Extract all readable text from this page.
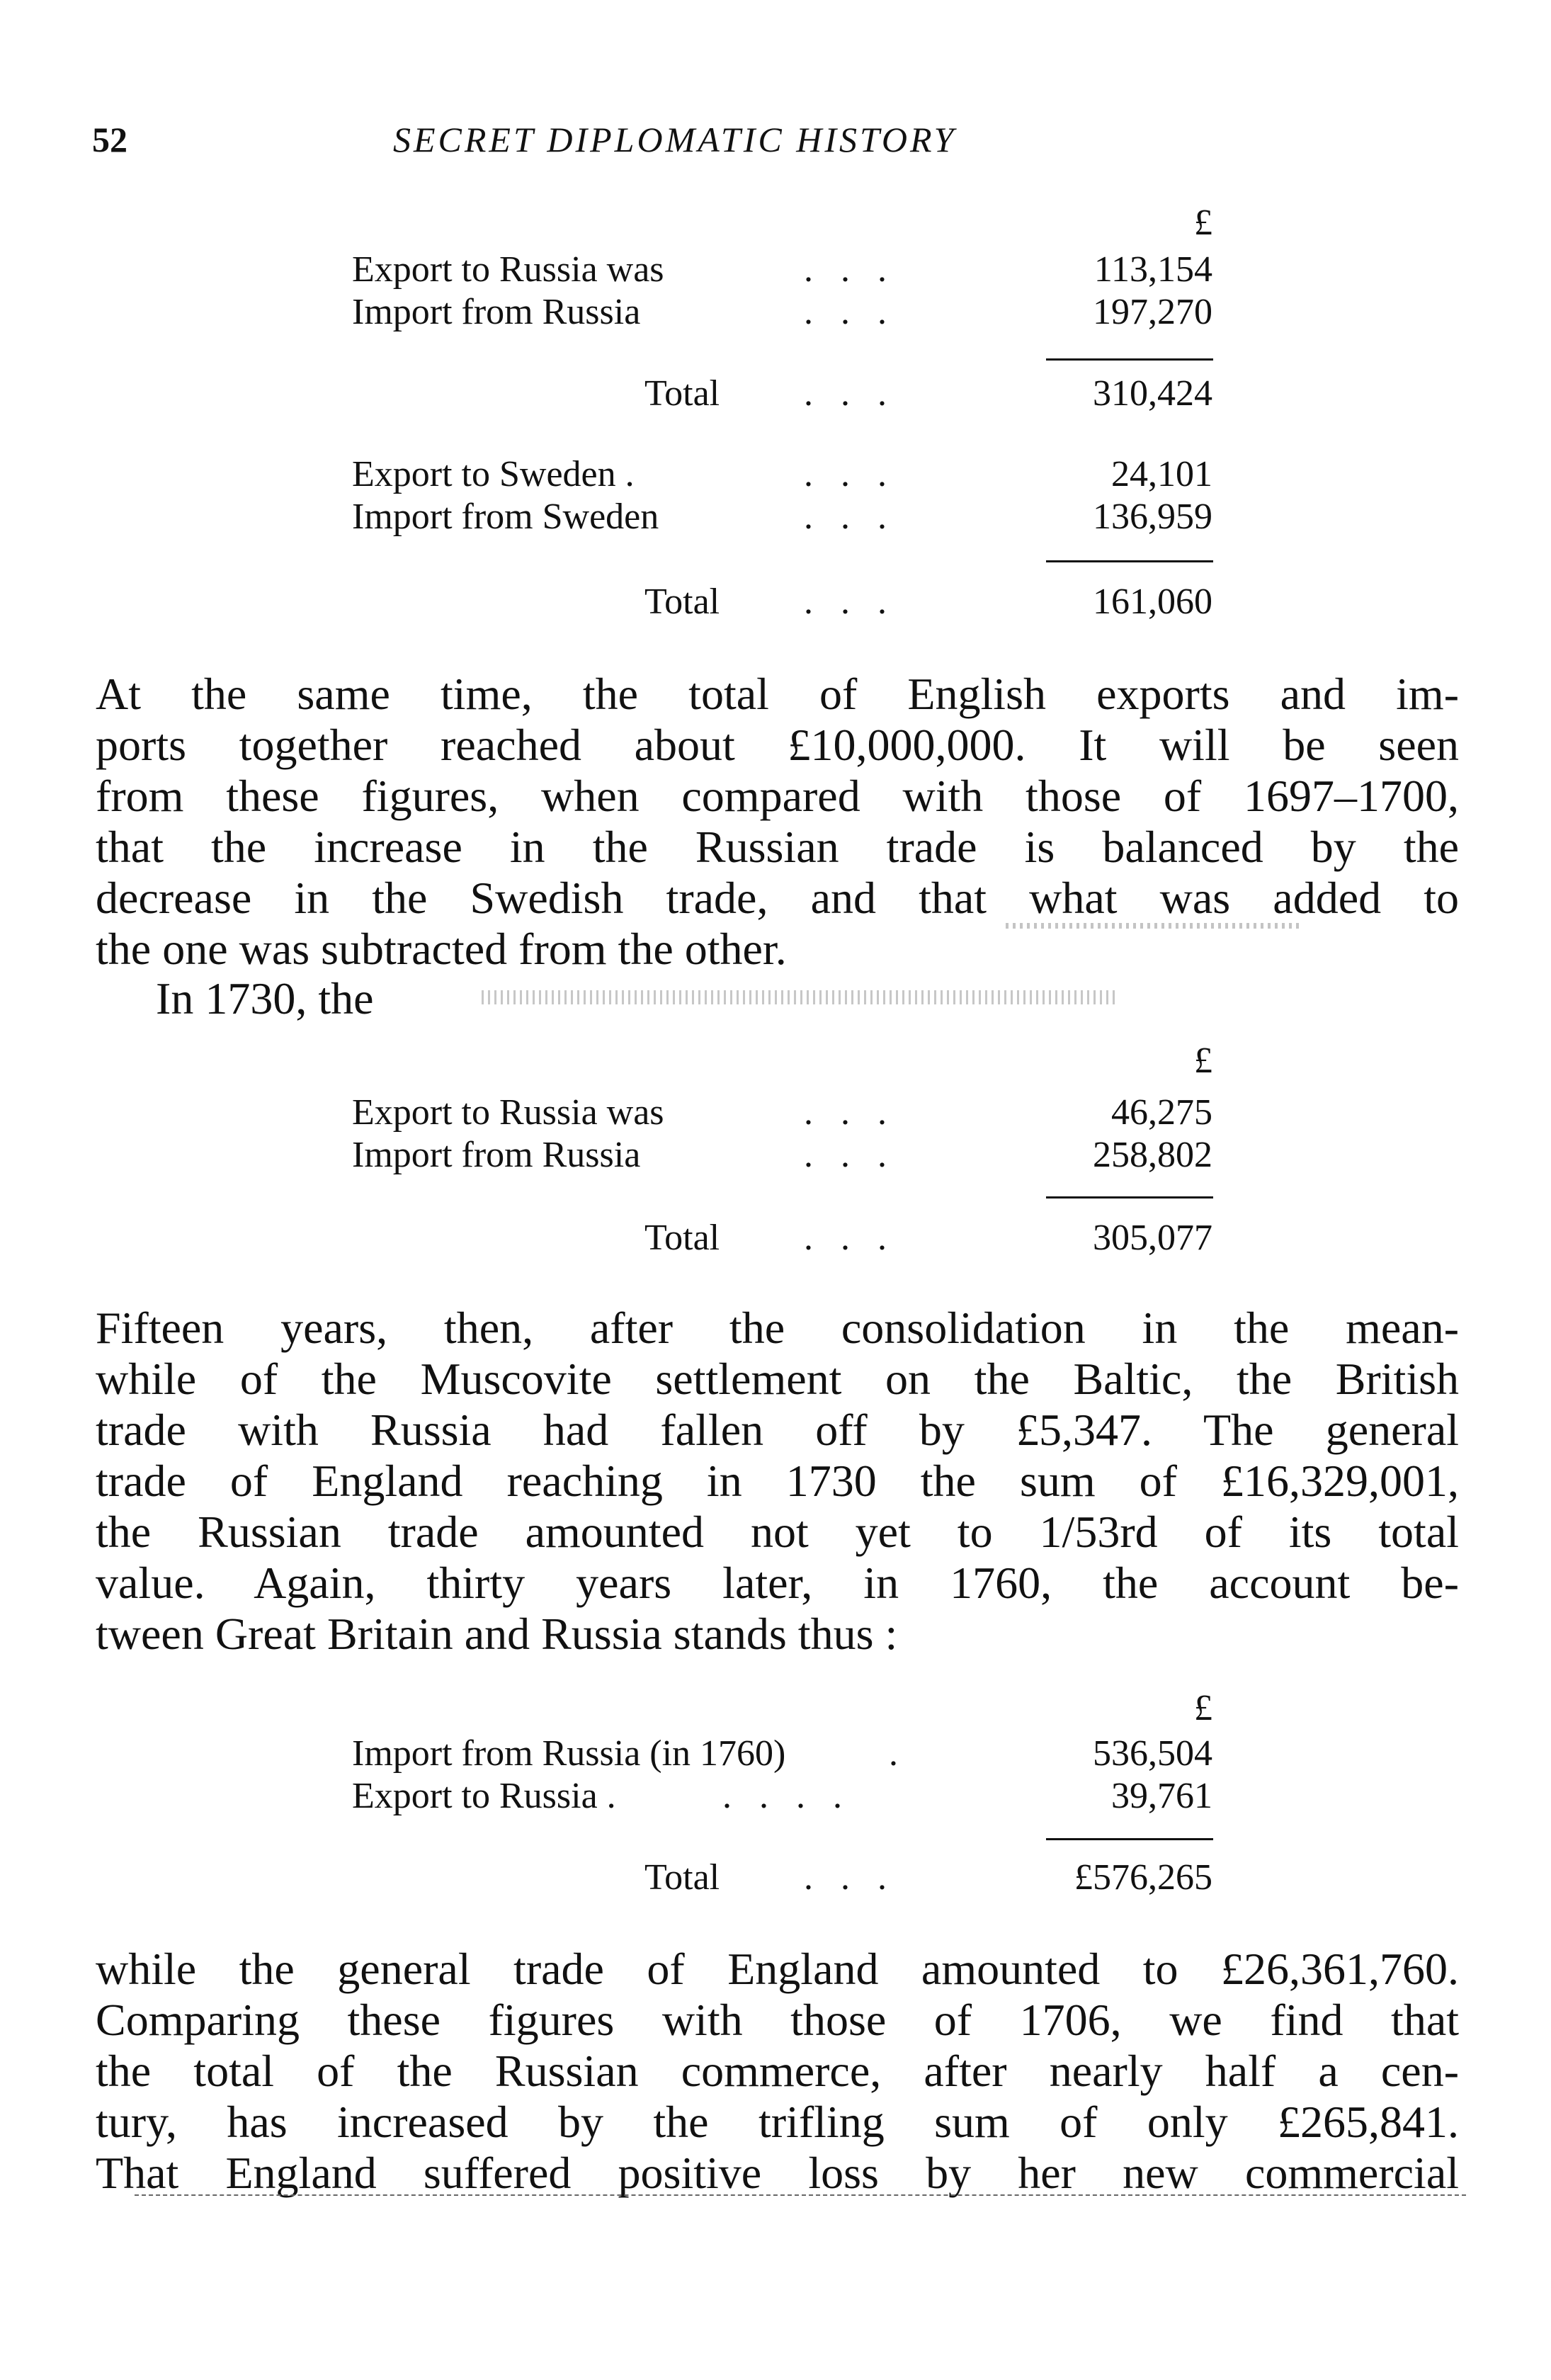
52	SECRET DIPLOMATIC HISTORY
£
Export to Russia was	. . .	113,154
Import from Russia	. . .	197,270
Total . . .	310,424
Export to Sweden .	. . .	24,101
Import from Sweden	. . .	136,959
Total . . .	161,060
At the same time, the total of English exports and im-
ports together reached about £10,000,000. It will be seen
from these figures, when compared with those of 1697–1700,
that the increase in the Russian trade is balanced by the
decrease in the Swedish trade, and that what was added to
the one was subtracted from the other.
In 1730, the
£
Export to Russia was	. . .	46,275
Import from Russia	. . .	258,802
Total . . .	305,077
Fifteen years, then, after the consolidation in the mean-
while of the Muscovite settlement on the Baltic, the British
trade with Russia had fallen off by £5,347. The general
trade of England reaching in 1730 the sum of £16,329,001,
the Russian trade amounted not yet to 1/53rd of its total
value. Again, thirty years later, in 1760, the account be-
tween Great Britain and Russia stands thus :
£
Import from Russia (in 1760)	.	536,504
Export to Russia .	. . . .	39,761
Total . . .	£576,265
while the general trade of England amounted to £26,361,760.
Comparing these figures with those of 1706, we find that
the total of the Russian commerce, after nearly half a cen-
tury, has increased by the trifling sum of only £265,841.
That England suffered positive loss by her new commercial
